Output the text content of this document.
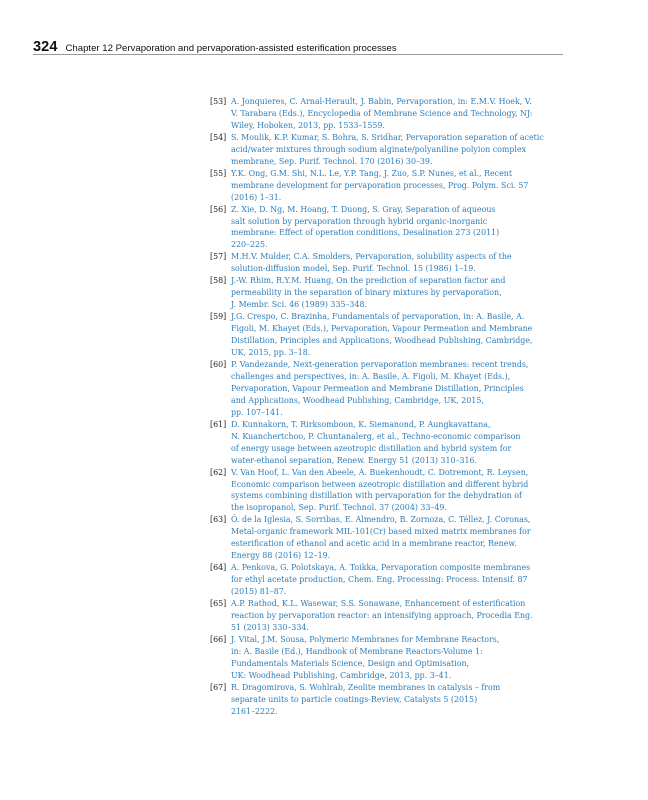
324 Chapter 12 Pervaporation and pervaporation-assisted esterification processes
[53] A. Jonquieres, C. Arnal-Herault, J. Babin, Pervaporation, in: E.M.V. Hoek, V.
V. Tarabara (Eds.), Encyclopedia of Membrane Science and Technology, NJ:
Wiley, Hoboken, 2013, pp. 1533–1559.
[54] S. Moulik, K.P. Kumar, S. Bohra, S. Sridhar, Pervaporation separation of acetic
acid/water mixtures through sodium alginate/polyaniline polyion complex
membrane, Sep. Purif. Technol. 170 (2016) 30–39.
[55] Y.K. Ong, G.M. Shi, N.L. Le, Y.P. Tang, J. Zuo, S.P. Nunes, et al., Recent
membrane development for pervaporation processes, Prog. Polym. Sci. 57
(2016) 1–31.
[56] Z. Xie, D. Ng, M. Hoang, T. Duong, S. Gray, Separation of aqueous
salt solution by pervaporation through hybrid organic-inorganic
membrane: Effect of operation conditions, Desalination 273 (2011)
220–225.
[57] M.H.V. Mulder, C.A. Smolders, Pervaporation, solubility aspects of the
solution-diffusion model, Sep. Purif. Technol. 15 (1986) 1–19.
[58] J.-W. Rhim, R.Y.M. Huang, On the prediction of separation factor and
permeability in the separation of binary mixtures by pervaporation,
J. Membr. Sci. 46 (1989) 335–348.
[59] J.G. Crespo, C. Brazinha, Fundamentals of pervaporation, in: A. Basile, A.
Figoli, M. Khayet (Eds.), Pervaporation, Vapour Permeation and Membrane
Distillation, Principles and Applications, Woodhead Publishing, Cambridge,
UK, 2015, pp. 3–18.
[60] P. Vandezande, Next-generation pervaporation membranes: recent trends,
challenges and perspectives, in: A. Basile, A. Figoli, M. Khayet (Eds.),
Pervaporation, Vapour Permeation and Membrane Distillation, Principles
and Applications, Woodhead Publishing, Cambridge, UK, 2015,
pp. 107–141.
[61] D. Kunnakorn, T. Rirksomboon, K. Siemanond, P. Aungkavattana,
N. Kuanchertchoo, P. Chuntanalerg, et al., Techno-economic comparison
of energy usage between azeotropic distillation and hybrid system for
water-ethanol separation, Renew. Energy 51 (2013) 310–316.
[62] V. Van Hoof, L. Van den Abeele, A. Buekenhoudt, C. Dotremont, R. Leysen,
Economic comparison between azeotropic distillation and different hybrid
systems combining distillation with pervaporation for the dehydration of
the isopropanol, Sep. Purif. Technol. 37 (2004) 33–49.
[63] Ó. de la Iglesia, S. Sorribas, E. Almendro, B. Zornoza, C. Téllez, J. Coronas,
Metal-organic framework MIL-101(Cr) based mixed matrix membranes for
esterification of ethanol and acetic acid in a membrane reactor, Renew.
Energy 88 (2016) 12–19.
[64] A. Penkova, G. Polotskaya, A. Toikka, Pervaporation composite membranes
for ethyl acetate production, Chem. Eng. Processing: Process. Intensif. 87
(2015) 81–87.
[65] A.P. Rathod, K.L. Wasewar, S.S. Sonawane, Enhancement of esterification
reaction by pervaporation reactor: an intensifying approach, Procedia Eng.
51 (2013) 330–334.
[66] J. Vital, J.M. Sousa, Polymeric Membranes for Membrane Reactors,
in: A. Basile (Ed.), Handbook of Membrane Reactors-Volume 1:
Fundamentals Materials Science, Design and Optimisation,
UK: Woodhead Publishing, Cambridge, 2013, pp. 3–41.
[67] R. Dragomirova, S. Wohlrab, Zeolite membranes in catalysis – from
separate units to particle coatings-Review, Catalysts 5 (2015)
2161–2222.
